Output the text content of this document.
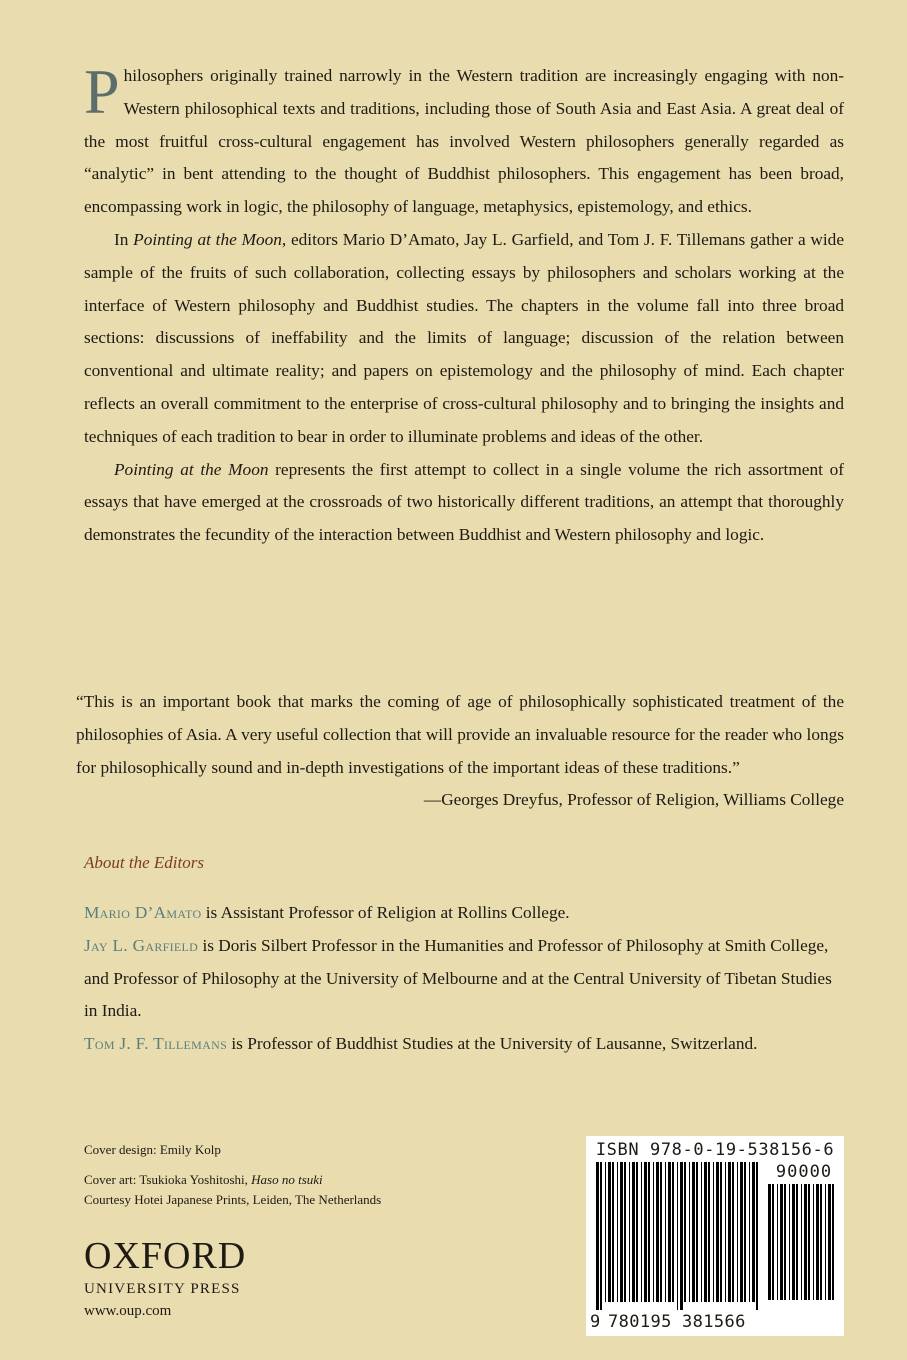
Philosophers originally trained narrowly in the Western tradition are increasingly engaging with non-Western philosophical texts and traditions, including those of South Asia and East Asia. A great deal of the most fruitful cross-cultural engagement has involved Western philosophers generally regarded as “analytic” in bent attending to the thought of Buddhist philosophers. This engagement has been broad, encompassing work in logic, the philosophy of language, metaphysics, epistemology, and ethics.

In Pointing at the Moon, editors Mario D’Amato, Jay L. Garfield, and Tom J. F. Tillemans gather a wide sample of the fruits of such collaboration, collecting essays by philosophers and scholars working at the interface of Western philosophy and Buddhist studies. The chapters in the volume fall into three broad sections: discussions of ineffability and the limits of language; discussion of the relation between conventional and ultimate reality; and papers on epistemology and the philosophy of mind. Each chapter reflects an overall commitment to the enterprise of cross-cultural philosophy and to bringing the insights and techniques of each tradition to bear in order to illuminate problems and ideas of the other.

Pointing at the Moon represents the first attempt to collect in a single volume the rich assortment of essays that have emerged at the crossroads of two historically different traditions, an attempt that thoroughly demonstrates the fecundity of the interaction between Buddhist and Western philosophy and logic.

“This is an important book that marks the coming of age of philosophically sophisticated treatment of the philosophies of Asia. A very useful collection that will provide an invaluable resource for the reader who longs for philosophically sound and in-depth investigations of the important ideas of these traditions.”
—Georges Dreyfus, Professor of Religion, Williams College

About the Editors

Mario D’Amato is Assistant Professor of Religion at Rollins College.

Jay L. Garfield is Doris Silbert Professor in the Humanities and Professor of Philosophy at Smith College, and Professor of Philosophy at the University of Melbourne and at the Central University of Tibetan Studies in India.

Tom J. F. Tillemans is Professor of Buddhist Studies at the University of Lausanne, Switzerland.

Cover design: Emily Kolp

Cover art: Tsukioka Yoshitoshi, Haso no tsuki

Courtesy Hotei Japanese Prints, Leiden, The Netherlands

OXFORD
UNIVERSITY PRESS
www.oup.com
ISBN 978-0-19-538156-6
90000
9 780195 381566
